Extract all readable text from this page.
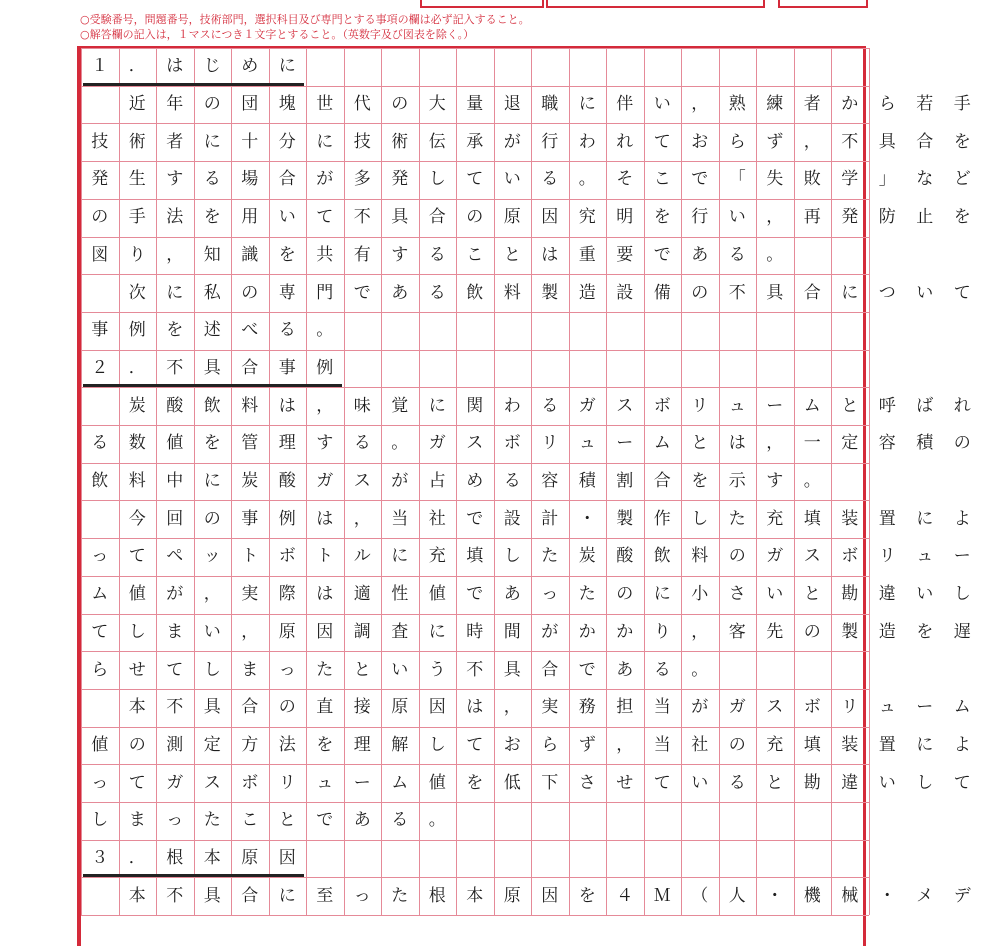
○受験番号，問題番号，技術部門，選択科目及び専門とする事項の欄は必ず記入すること。
○解答欄の記入は，１マスにつき１文字とすること。（英数字及び図表を除く。）
１	．	は	じ	め	に
近	年	の	団	塊	世	代	の	大	量	退	職	に	伴	い	，	熟	練	者	か	ら	若	手
技	術	者	に	十	分	に	技	術	伝	承	が	行	わ	れ	て	お	ら	ず	，	不	具	合	を
発	生	す	る	場	合	が	多	発	し	て	い	る	。	そ	こ	で	「	失	敗	学	」	な	ど
の	手	法	を	用	い	て	不	具	合	の	原	因	究	明	を	行	い	，	再	発	防	止	を
図	り	，	知	識	を	共	有	す	る	こ	と	は	重	要	で	あ	る	。
次	に	私	の	専	門	で	あ	る	飲	料	製	造	設	備	の	不	具	合	に	つ	い	て
事	例	を	述	べ	る	。
２	．	不	具	合	事	例
炭	酸	飲	料	は	，	味	覚	に	関	わ	る	ガ	ス	ボ	リ	ュ	ー	ム	と	呼	ば	れ
る	数	値	を	管	理	す	る	。	ガ	ス	ボ	リ	ュ	ー	ム	と	は	，	一	定	容	積	の
飲	料	中	に	炭	酸	ガ	ス	が	占	め	る	容	積	割	合	を	示	す	。
今	回	の	事	例	は	，	当	社	で	設	計	・	製	作	し	た	充	填	装	置	に	よ
っ	て	ペ	ッ	ト	ボ	ト	ル	に	充	填	し	た	炭	酸	飲	料	の	ガ	ス	ボ	リ	ュ	ー
ム	値	が	，	実	際	は	適	性	値	で	あ	っ	た	の	に	小	さ	い	と	勘	違	い	し
て	し	ま	い	，	原	因	調	査	に	時	間	が	か	か	り	，	客	先	の	製	造	を	遅
ら	せ	て	し	ま	っ	た	と	い	う	不	具	合	で	あ	る	。
本	不	具	合	の	直	接	原	因	は	，	実	務	担	当	が	ガ	ス	ボ	リ	ュ	ー	ム
値	の	測	定	方	法	を	理	解	し	て	お	ら	ず	，	当	社	の	充	填	装	置	に	よ
っ	て	ガ	ス	ボ	リ	ュ	ー	ム	値	を	低	下	さ	せ	て	い	る	と	勘	違	い	し	て
し	ま	っ	た	こ	と	で	あ	る	。
３	．	根	本	原	因
本	不	具	合	に	至	っ	た	根	本	原	因	を	４	Ｍ	（	人	・	機	械	・	メ	デ
